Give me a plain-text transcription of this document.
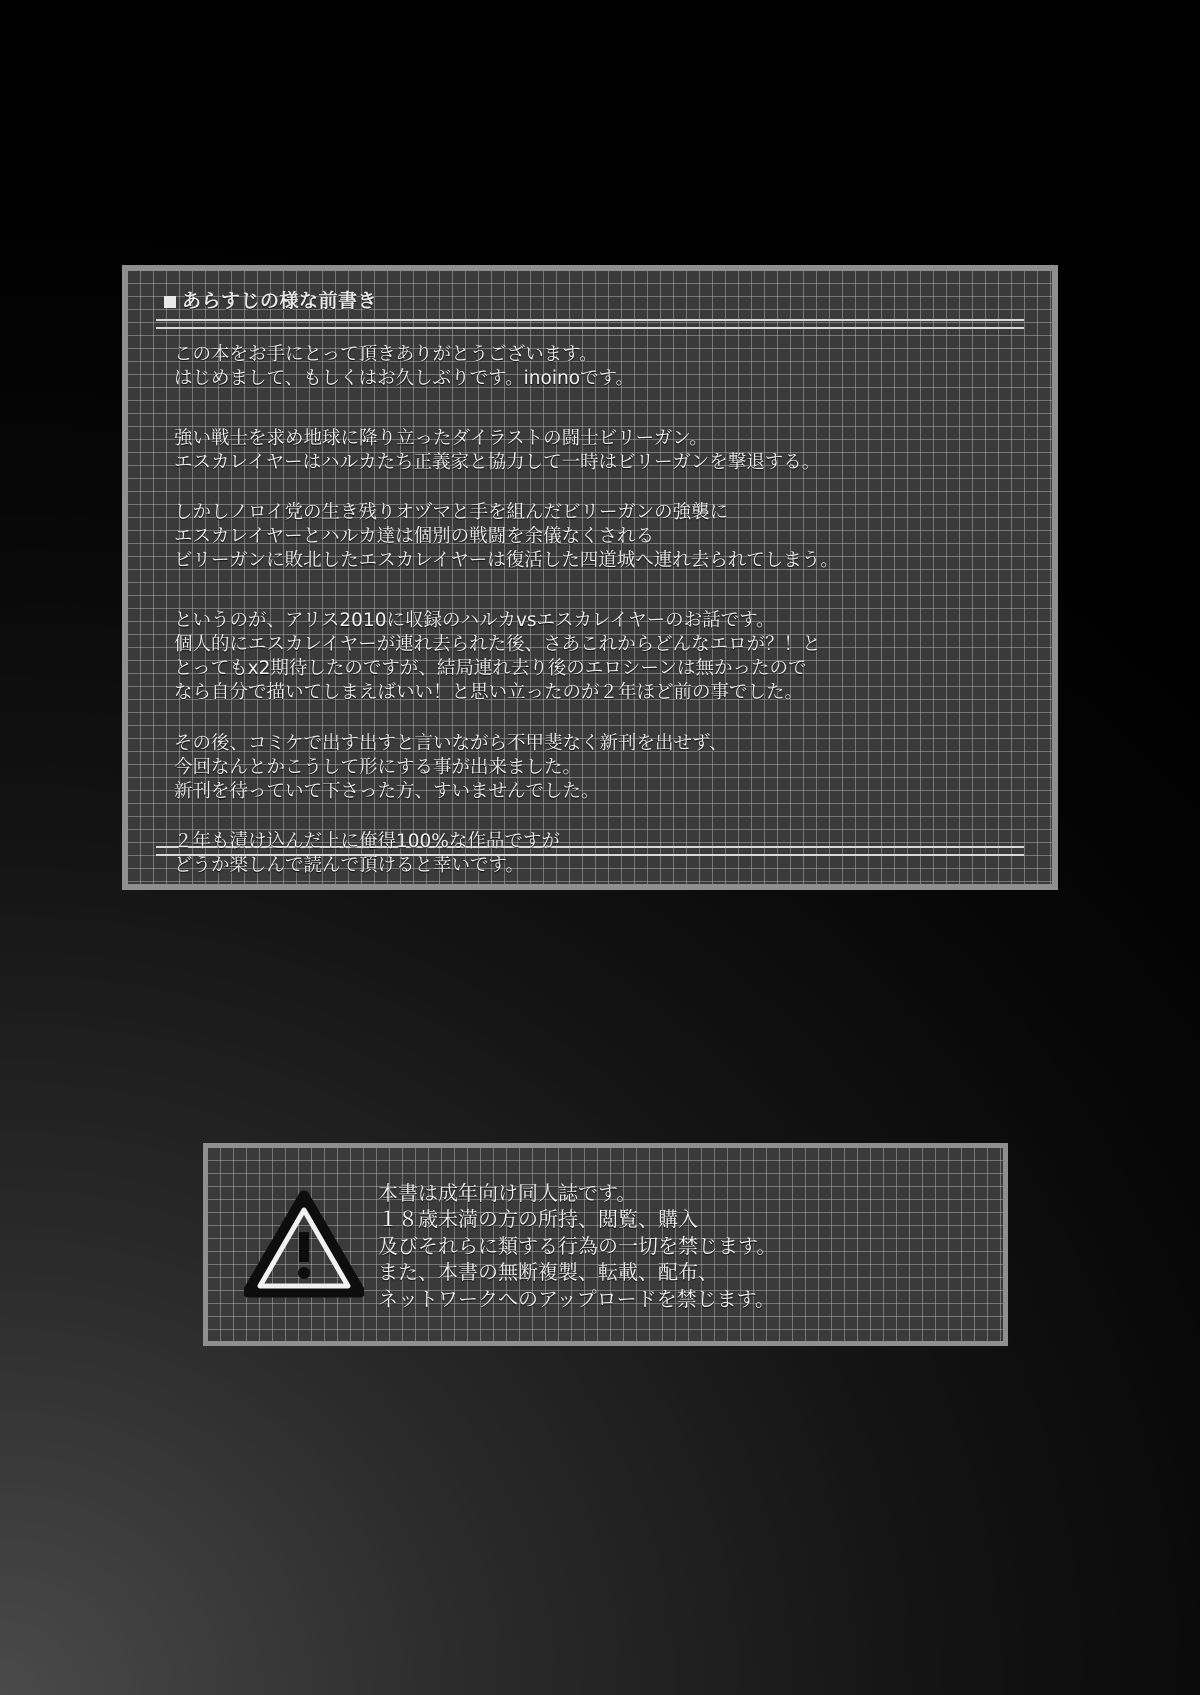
あらすじの様な前書き

この本をお手にとって頂きありがとうございます。
はじめまして、もしくはお久しぶりです。inoinoです。

強い戦士を求め地球に降り立ったダイラストの闘士ビリーガン。
エスカレイヤーはハルカたち正義家と協力して一時はビリーガンを撃退する。

しかしノロイ党の生き残りオヅマと手を組んだビリーガンの強襲に
エスカレイヤーとハルカ達は個別の戦闘を余儀なくされる
ビリーガンに敗北したエスカレイヤーは復活した四道城へ連れ去られてしまう。

というのが、アリス2010に収録のハルカvsエスカレイヤーのお話です。
個人的にエスカレイヤーが連れ去られた後、さあこれからどんなエロが？！と
とってもx2期待したのですが、結局連れ去り後のエロシーンは無かったので
なら自分で描いてしまえばいい！と思い立ったのが２年ほど前の事でした。

その後、コミケで出す出すと言いながら不甲斐なく新刊を出せず、
今回なんとかこうして形にする事が出来ました。
新刊を待っていて下さった方、すいませんでした。

２年も漬け込んだ上に俺得100%な作品ですが
どうか楽しんで読んで頂けると幸いです。

本書は成年向け同人誌です。
１８歳未満の方の所持、閲覧、購入
及びそれらに類する行為の一切を禁じます。
また、本書の無断複製、転載、配布、
ネットワークへのアップロードを禁じます。
